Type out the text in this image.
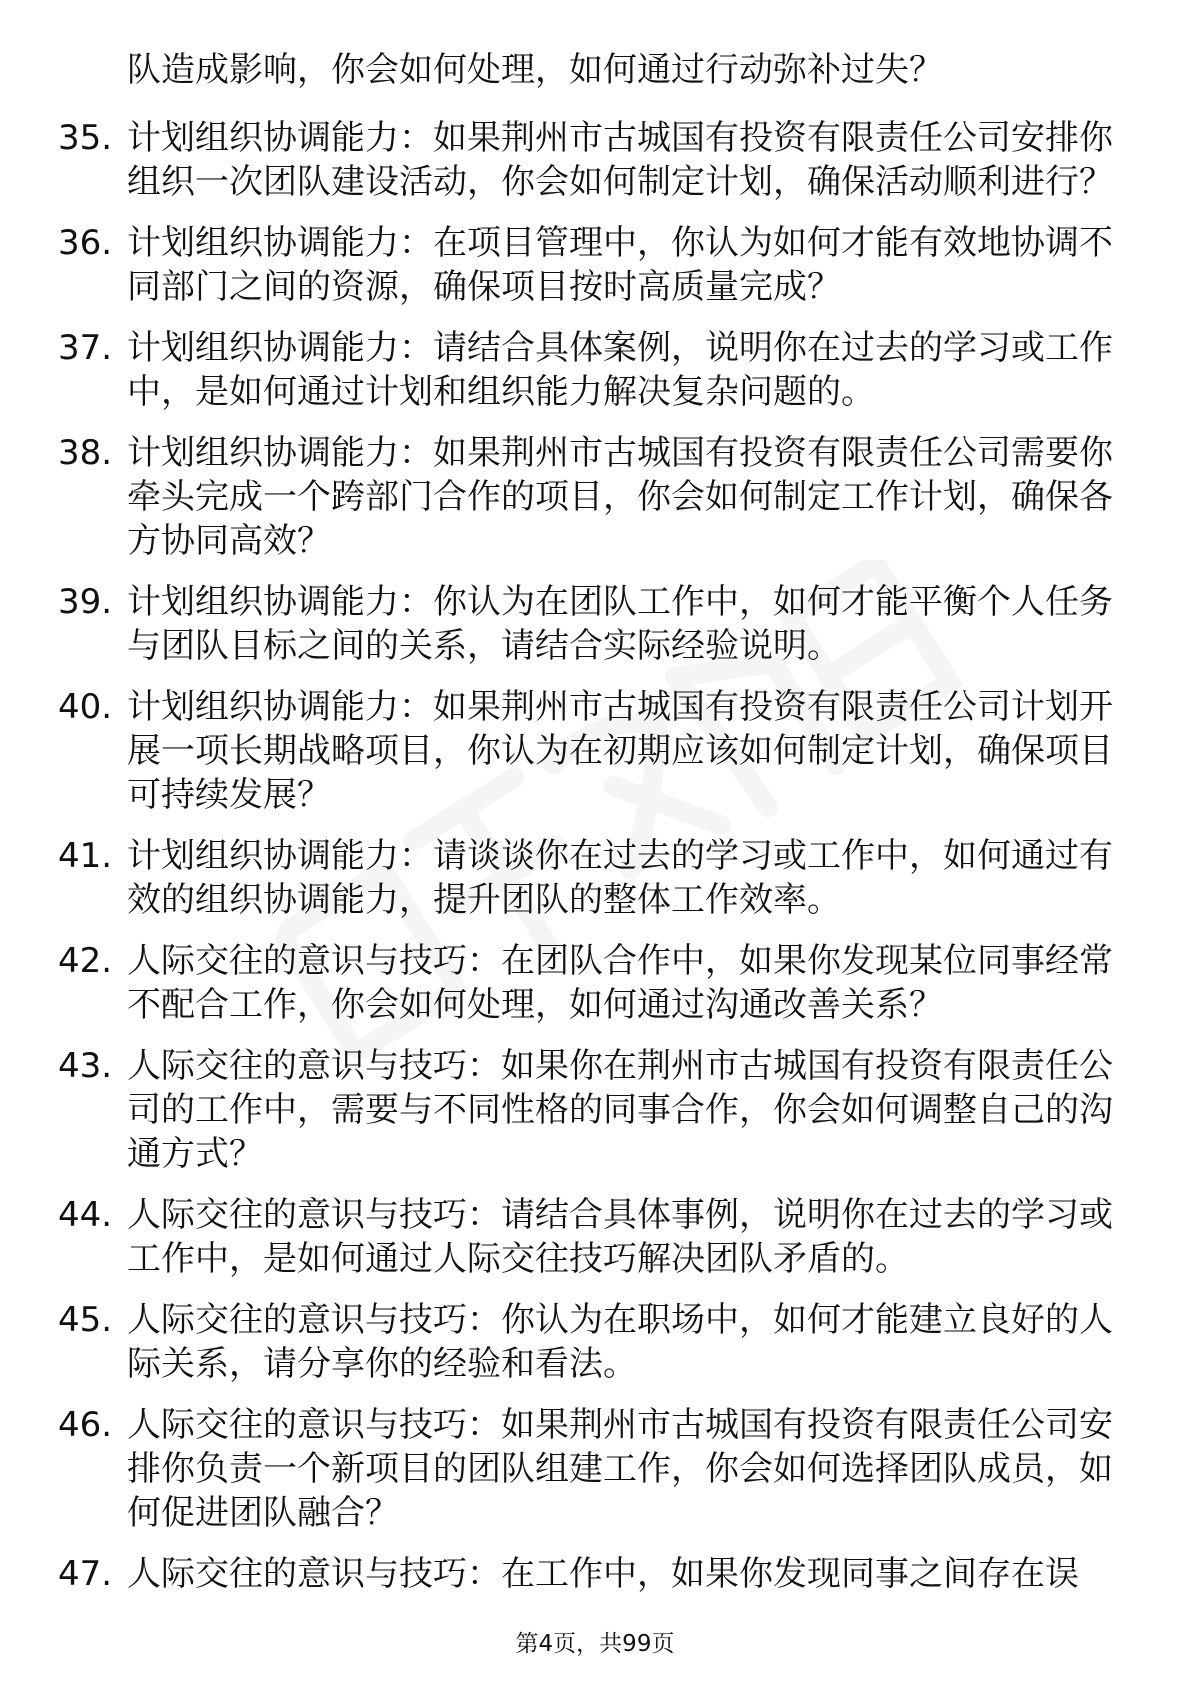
队造成影响，你会如何处理，如何通过行动弥补过失？
35. 计划组织协调能力：如果荆州市古城国有投资有限责任公司安排你组织一次团队建设活动，你会如何制定计划，确保活动顺利进行？
36. 计划组织协调能力：在项目管理中，你认为如何才能有效地协调不同部门之间的资源，确保项目按时高质量完成？
37. 计划组织协调能力：请结合具体案例，说明你在过去的学习或工作中，是如何通过计划和组织能力解决复杂问题的。
38. 计划组织协调能力：如果荆州市古城国有投资有限责任公司需要你牵头完成一个跨部门合作的项目，你会如何制定工作计划，确保各方协同高效？
39. 计划组织协调能力：你认为在团队工作中，如何才能平衡个人任务与团队目标之间的关系，请结合实际经验说明。
40. 计划组织协调能力：如果荆州市古城国有投资有限责任公司计划开展一项长期战略项目，你认为在初期应该如何制定计划，确保项目可持续发展？
41. 计划组织协调能力：请谈谈你在过去的学习或工作中，如何通过有效的组织协调能力，提升团队的整体工作效率。
42. 人际交往的意识与技巧：在团队合作中，如果你发现某位同事经常不配合工作，你会如何处理，如何通过沟通改善关系？
43. 人际交往的意识与技巧：如果你在荆州市古城国有投资有限责任公司的工作中，需要与不同性格的同事合作，你会如何调整自己的沟通方式？
44. 人际交往的意识与技巧：请结合具体事例，说明你在过去的学习或工作中，是如何通过人际交往技巧解决团队矛盾的。
45. 人际交往的意识与技巧：你认为在职场中，如何才能建立良好的人际关系，请分享你的经验和看法。
46. 人际交往的意识与技巧：如果荆州市古城国有投资有限责任公司安排你负责一个新项目的团队组建工作，你会如何选择团队成员，如何促进团队融合？
47. 人际交往的意识与技巧：在工作中，如果你发现同事之间存在误
第4页，共99页
